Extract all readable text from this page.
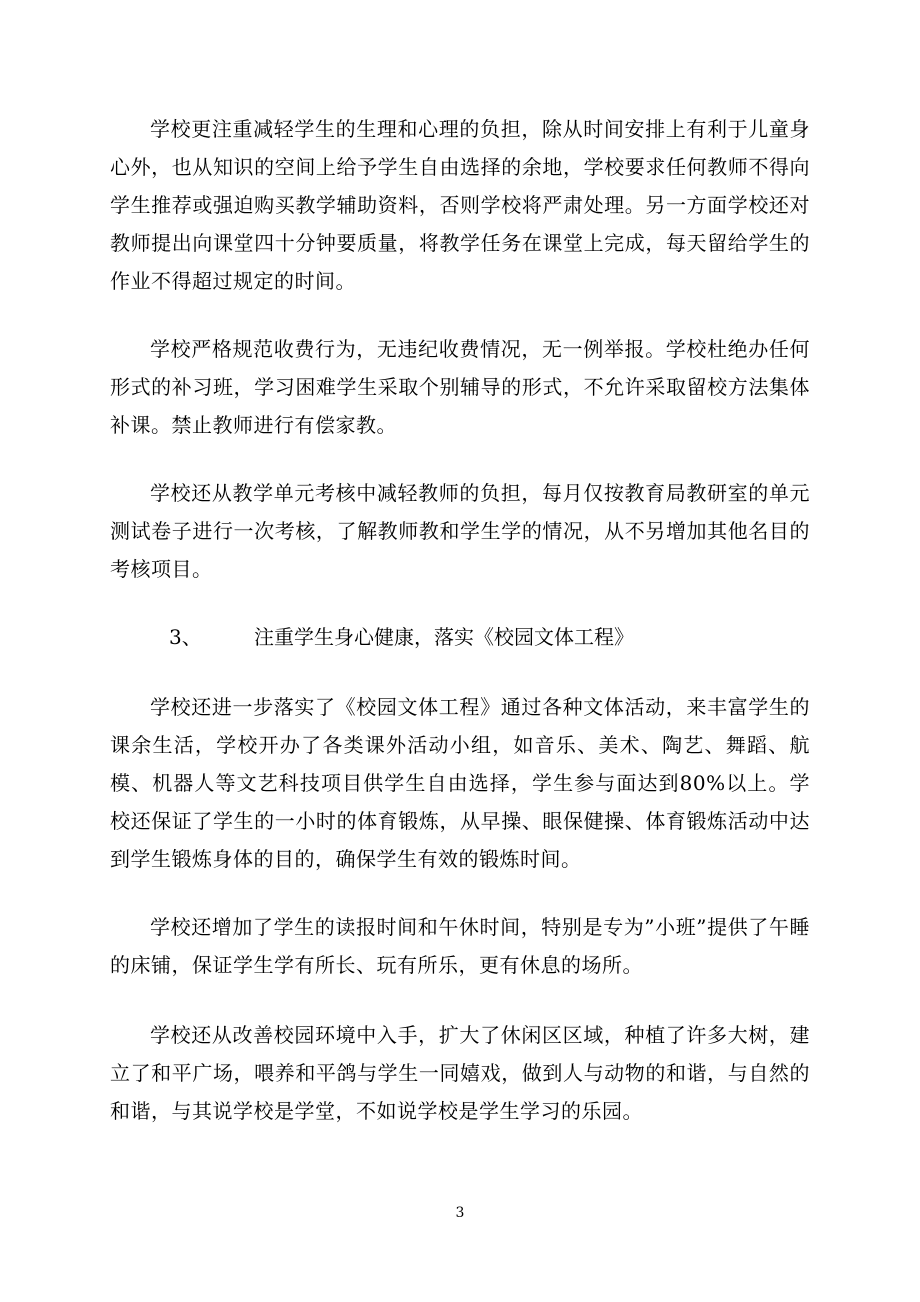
学校更注重减轻学生的生理和心理的负担，除从时间安排上有利于儿童身心外，也从知识的空间上给予学生自由选择的余地，学校要求任何教师不得向学生推荐或强迫购买教学辅助资料，否则学校将严肃处理。另一方面学校还对教师提出向课堂四十分钟要质量，将教学任务在课堂上完成，每天留给学生的作业不得超过规定的时间。

学校严格规范收费行为，无违纪收费情况，无一例举报。学校杜绝办任何形式的补习班，学习困难学生采取个别辅导的形式，不允许采取留校方法集体补课。禁止教师进行有偿家教。

学校还从教学单元考核中减轻教师的负担，每月仅按教育局教研室的单元测试卷子进行一次考核，了解教师教和学生学的情况，从不另增加其他名目的考核项目。

3、	注重学生身心健康，落实《校园文体工程》

学校还进一步落实了《校园文体工程》通过各种文体活动，来丰富学生的课余生活，学校开办了各类课外活动小组，如音乐、美术、陶艺、舞蹈、航模、机器人等文艺科技项目供学生自由选择，学生参与面达到80%以上。学校还保证了学生的一小时的体育锻炼，从早操、眼保健操、体育锻炼活动中达到学生锻炼身体的目的，确保学生有效的锻炼时间。

学校还增加了学生的读报时间和午休时间，特别是专为”小班”提供了午睡的床铺，保证学生学有所长、玩有所乐，更有休息的场所。

学校还从改善校园环境中入手，扩大了休闲区区域，种植了许多大树，建立了和平广场，喂养和平鸽与学生一同嬉戏，做到人与动物的和谐，与自然的和谐，与其说学校是学堂，不如说学校是学生学习的乐园。

3
